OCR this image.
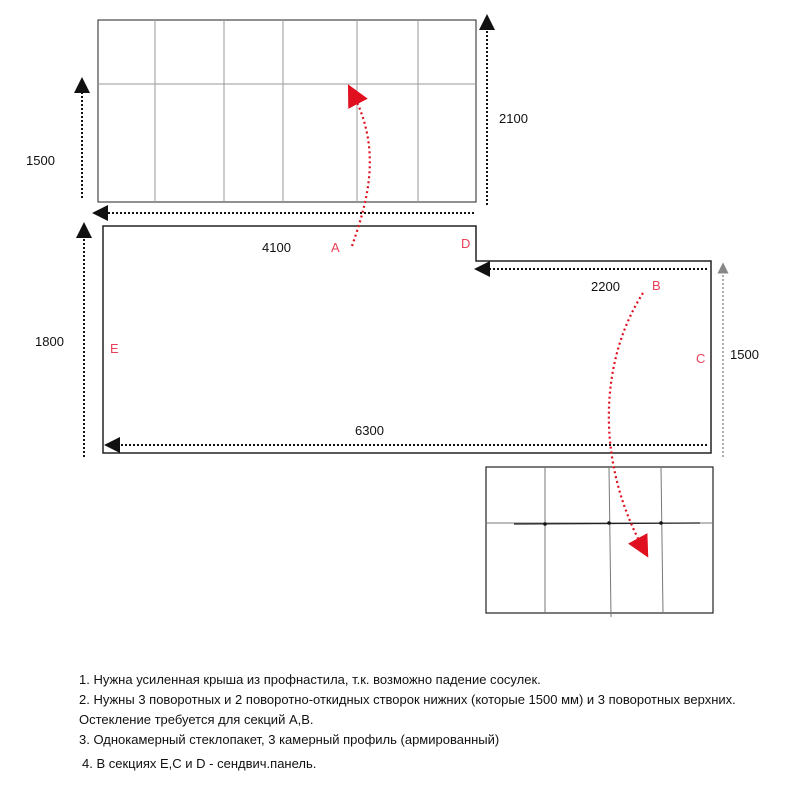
1500
2100
4100
2200
1800
1500
6300
A	D
B
E
C

1. Нужна усиленная крыша из профнастила, т.к. возможно падение сосулек.

2. Нужны 3 поворотных и 2 поворотно-откидных створок нижних (которые 1500 мм) и 3 поворотных верхних. Остекление требуется для секций А,В.

3. Однокамерный стеклопакет, 3 камерный профиль (армированный)

4. В секциях Е,С и D - сендвич.панель.
